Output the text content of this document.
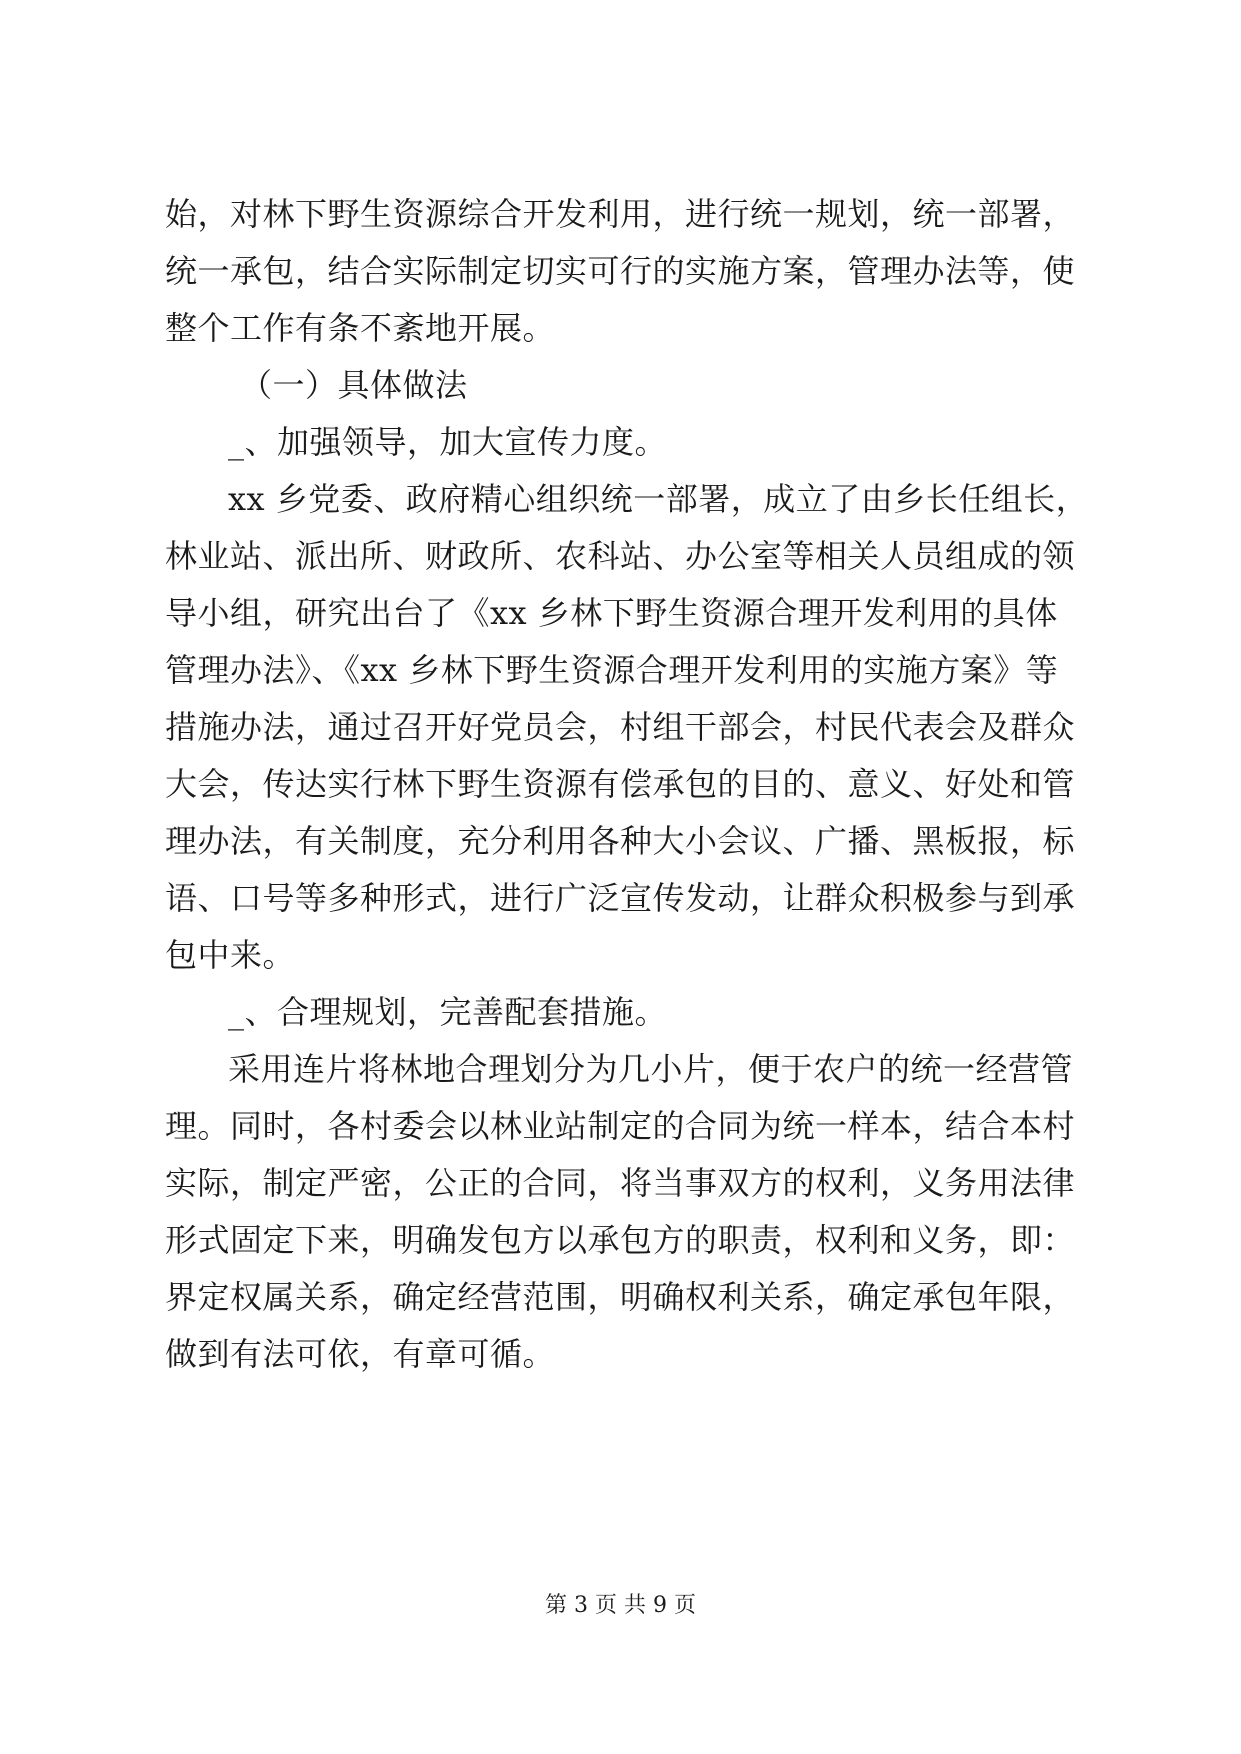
始，对林下野生资源综合开发利用，进行统一规划，统一部署，
统一承包，结合实际制定切实可行的实施方案，管理办法等，使
整个工作有条不紊地开展。
（一）具体做法
_、加强领导，加大宣传力度。
xx 乡党委、政府精心组织统一部署，成立了由乡长任组长，
林业站、派出所、财政所、农科站、办公室等相关人员组成的领
导小组，研究出台了《xx 乡林下野生资源合理开发利用的具体
管理办法》、《xx 乡林下野生资源合理开发利用的实施方案》等
措施办法，通过召开好党员会，村组干部会，村民代表会及群众
大会，传达实行林下野生资源有偿承包的目的、意义、好处和管
理办法，有关制度，充分利用各种大小会议、广播、黑板报，标
语、口号等多种形式，进行广泛宣传发动，让群众积极参与到承
包中来。
_、合理规划，完善配套措施。
采用连片将林地合理划分为几小片，便于农户的统一经营管
理。同时，各村委会以林业站制定的合同为统一样本，结合本村
实际，制定严密，公正的合同，将当事双方的权利，义务用法律
形式固定下来，明确发包方以承包方的职责，权利和义务，即：
界定权属关系，确定经营范围，明确权利关系，确定承包年限，
做到有法可依，有章可循。
第 3 页 共 9 页
